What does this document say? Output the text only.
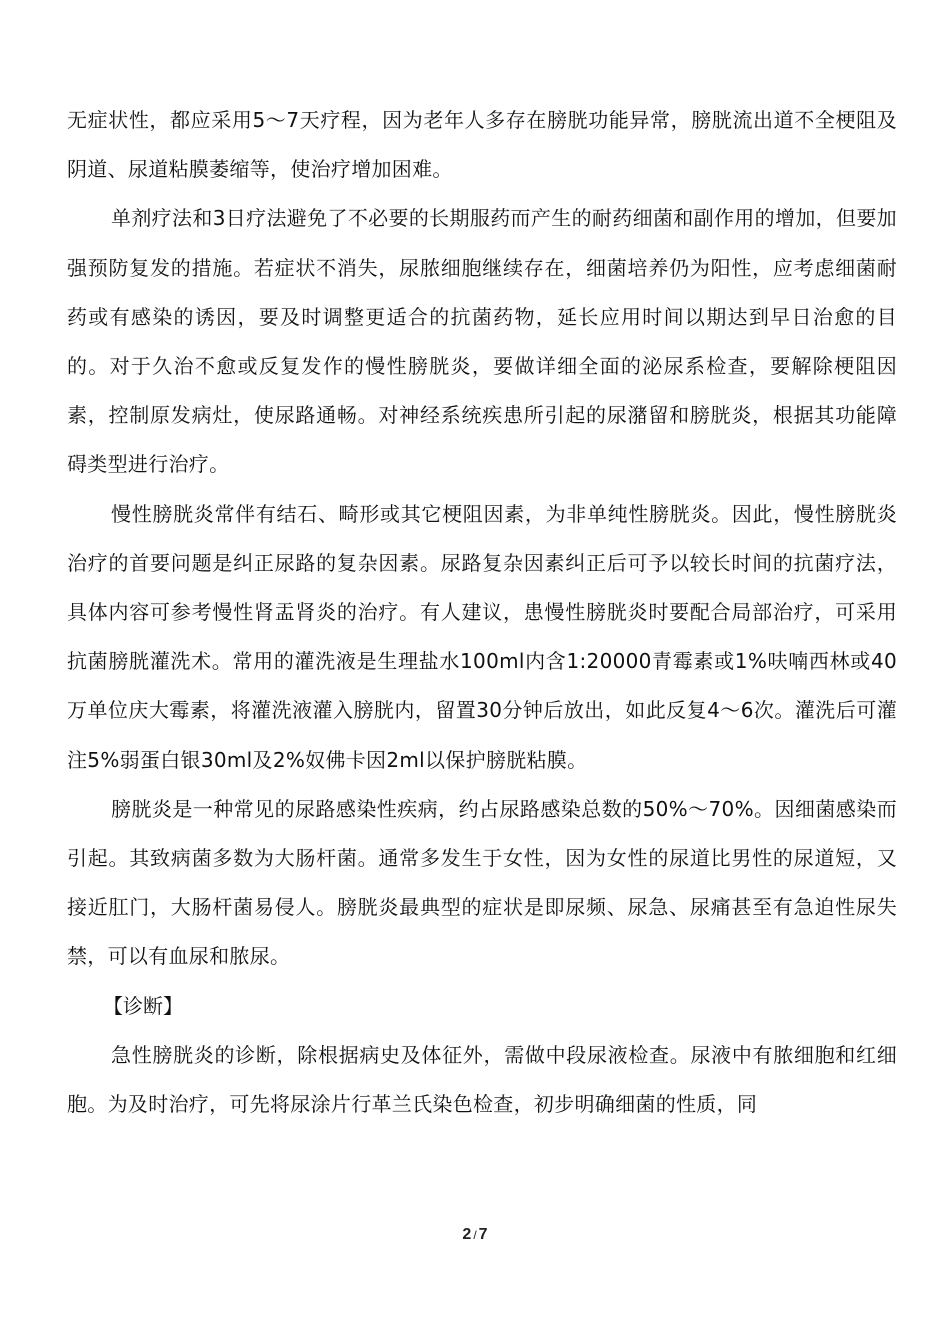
无症状性，都应采用5～7天疗程，因为老年人多存在膀胱功能异常，膀胱流出道不全梗阻及阴道、尿道粘膜萎缩等，使治疗增加困难。

单剂疗法和3日疗法避免了不必要的长期服药而产生的耐药细菌和副作用的增加，但要加强预防复发的措施。若症状不消失，尿脓细胞继续存在，细菌培养仍为阳性，应考虑细菌耐药或有感染的诱因，要及时调整更适合的抗菌药物，延长应用时间以期达到早日治愈的目的。对于久治不愈或反复发作的慢性膀胱炎，要做详细全面的泌尿系检查，要解除梗阻因素，控制原发病灶，使尿路通畅。对神经系统疾患所引起的尿潴留和膀胱炎，根据其功能障碍类型进行治疗。

慢性膀胱炎常伴有结石、畸形或其它梗阻因素，为非单纯性膀胱炎。因此，慢性膀胱炎治疗的首要问题是纠正尿路的复杂因素。尿路复杂因素纠正后可予以较长时间的抗菌疗法，具体内容可参考慢性肾盂肾炎的治疗。有人建议，患慢性膀胱炎时要配合局部治疗，可采用抗菌膀胱灌洗术。常用的灌洗液是生理盐水100ml内含1:20000青霉素或1%呋喃西林或40万单位庆大霉素，将灌洗液灌入膀胱内，留置30分钟后放出，如此反复4～6次。灌洗后可灌注5%弱蛋白银30ml及2%奴佛卡因2ml以保护膀胱粘膜。

膀胱炎是一种常见的尿路感染性疾病，约占尿路感染总数的50%～70%。因细菌感染而引起。其致病菌多数为大肠杆菌。通常多发生于女性，因为女性的尿道比男性的尿道短，又接近肛门，大肠杆菌易侵人。膀胱炎最典型的症状是即尿频、尿急、尿痛甚至有急迫性尿失禁，可以有血尿和脓尿。

【诊断】

急性膀胱炎的诊断，除根据病史及体征外，需做中段尿液检查。尿液中有脓细胞和红细胞。为及时治疗，可先将尿涂片行革兰氏染色检查，初步明确细菌的性质，同

2 / 7
